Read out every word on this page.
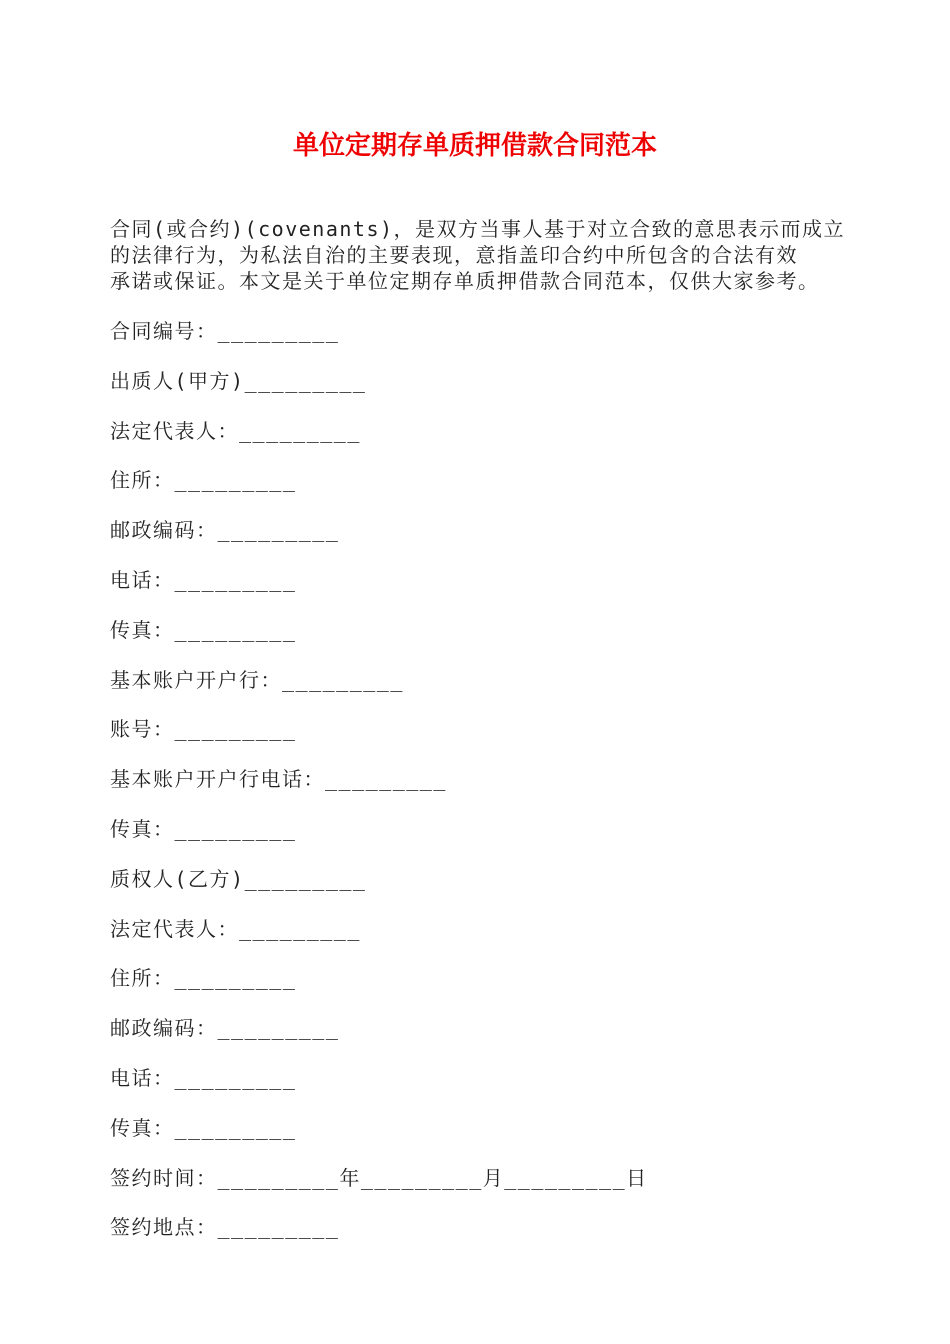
单位定期存单质押借款合同范本
合同(或合约)(covenants)，是双方当事人基于对立合致的意思表示而成立
的法律行为，为私法自治的主要表现，意指盖印合约中所包含的合法有效
承诺或保证。本文是关于单位定期存单质押借款合同范本，仅供大家参考。
合同编号：_________
出质人(甲方)_________
法定代表人：_________
住所：_________
邮政编码：_________
电话：_________
传真：_________
基本账户开户行：_________
账号：_________
基本账户开户行电话：_________
传真：_________
质权人(乙方)_________
法定代表人：_________
住所：_________
邮政编码：_________
电话：_________
传真：_________
签约时间：_________年_________月_________日
签约地点：_________
